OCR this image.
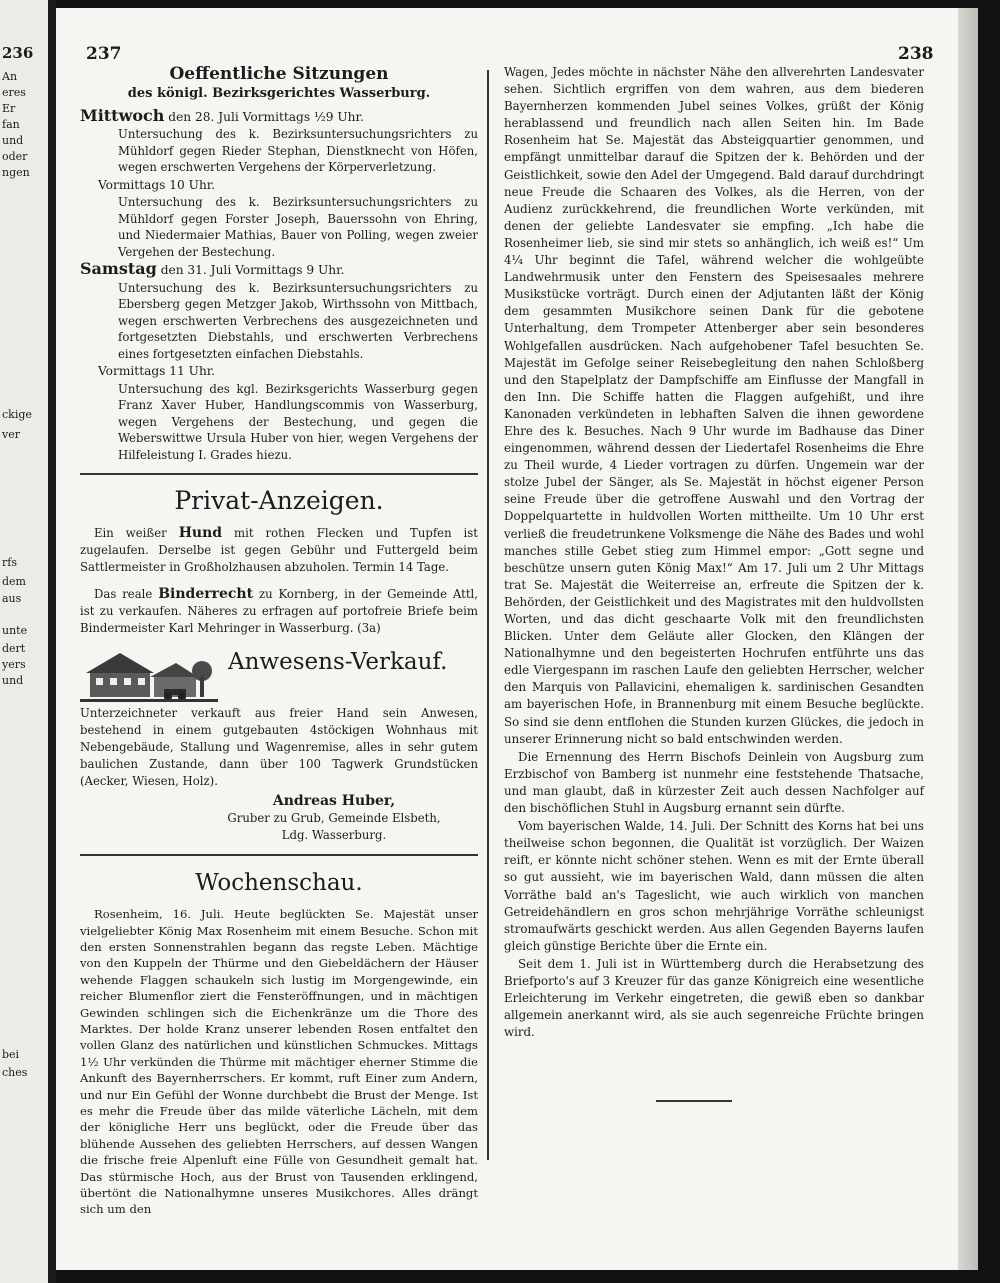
236
An
eres
Er
fan
und
oder
ngen
ckige
ver
rfs
dem
aus
unte
dert
yers
und
bei
ches
237	238
Oeffentliche Sitzungen
des königl. Bezirksgerichtes Wasserburg.

Mittwoch den 28. Juli Vormittags ½9 Uhr.

Untersuchung des k. Bezirksuntersuchungsrichters zu Mühldorf gegen Rieder Stephan, Dienstknecht von Höfen, wegen erschwerten Vergehens der Körperverletzung.

Vormittags 10 Uhr.

Untersuchung des k. Bezirksuntersuchungsrichters zu Mühldorf gegen Forster Joseph, Bauerssohn von Ehring, und Niedermaier Mathias, Bauer von Polling, wegen zweier Vergehen der Bestechung.

Samstag den 31. Juli Vormittags 9 Uhr.

Untersuchung des k. Bezirksuntersuchungsrichters zu Ebersberg gegen Metzger Jakob, Wirthssohn von Mittbach, wegen erschwerten Verbrechens des ausgezeichneten und fortgesetzten Diebstahls, und erschwerten Verbrechens eines fortgesetzten einfachen Diebstahls.

Vormittags 11 Uhr.

Untersuchung des kgl. Bezirksgerichts Wasserburg gegen Franz Xaver Huber, Handlungscommis von Wasserburg, wegen Vergehens der Bestechung, und gegen die Weberswittwe Ursula Huber von hier, wegen Vergehens der Hilfeleistung I. Grades hiezu.

Privat-Anzeigen.

Ein weißer Hund mit rothen Flecken und Tupfen ist zugelaufen. Derselbe ist gegen Gebühr und Futtergeld beim Sattlermeister in Großholzhausen abzuholen. Termin 14 Tage.

Das reale Binderrecht zu Kornberg, in der Gemeinde Attl, ist zu verkaufen. Näheres zu erfragen auf portofreie Briefe beim Bindermeister Karl Mehringer in Wasserburg. (3a)

Anwesens-Verkauf.

Unterzeichneter verkauft aus freier Hand sein Anwesen, bestehend in einem gutgebauten 4stöckigen Wohnhaus mit Nebengebäude, Stallung und Wagenremise, alles in sehr gutem baulichen Zustande, dann über 100 Tagwerk Grundstücken (Aecker, Wiesen, Holz).

Andreas Huber,
Gruber zu Grub, Gemeinde Elsbeth,
Ldg. Wasserburg.
Wochenschau.

Rosenheim, 16. Juli. Heute beglückten Se. Majestät unser vielgeliebter König Max Rosenheim mit einem Besuche. Schon mit den ersten Sonnenstrahlen begann das regste Leben. Mächtige von den Kuppeln der Thürme und den Giebeldächern der Häuser wehende Flaggen schaukeln sich lustig im Morgengewinde, ein reicher Blumenflor ziert die Fensteröffnungen, und in mächtigen Gewinden schlingen sich die Eichenkränze um die Thore des Marktes. Der holde Kranz unserer lebenden Rosen entfaltet den vollen Glanz des natürlichen und künstlichen Schmuckes. Mittags 1½ Uhr verkünden die Thürme mit mächtiger eherner Stimme die Ankunft des Bayernherrschers. Er kommt, ruft Einer zum Andern, und nur Ein Gefühl der Wonne durchbebt die Brust der Menge. Ist es mehr die Freude über das milde väterliche Lächeln, mit dem der königliche Herr uns beglückt, oder die Freude über das blühende Aussehen des geliebten Herrschers, auf dessen Wangen die frische freie Alpenluft eine Fülle von Gesundheit gemalt hat. Das stürmische Hoch, aus der Brust von Tausenden erklingend, übertönt die Nationalhymne unseres Musikchores. Alles drängt sich um den

Wagen, Jedes möchte in nächster Nähe den allverehrten Landesvater sehen. Sichtlich ergriffen von dem wahren, aus dem biederen Bayernherzen kommenden Jubel seines Volkes, grüßt der König herablassend und freundlich nach allen Seiten hin. Im Bade Rosenheim hat Se. Majestät das Absteigquartier genommen, und empfängt unmittelbar darauf die Spitzen der k. Behörden und der Geistlichkeit, sowie den Adel der Umgegend. Bald darauf durchdringt neue Freude die Schaaren des Volkes, als die Herren, von der Audienz zurückkehrend, die freundlichen Worte verkünden, mit denen der geliebte Landesvater sie empfing. „Ich habe die Rosenheimer lieb, sie sind mir stets so anhänglich, ich weiß es!“ Um 4¼ Uhr beginnt die Tafel, während welcher die wohlgeübte Landwehrmusik unter den Fenstern des Speisesaales mehrere Musikstücke vorträgt. Durch einen der Adjutanten läßt der König dem gesammten Musikchore seinen Dank für die gebotene Unterhaltung, dem Trompeter Attenberger aber sein besonderes Wohlgefallen ausdrücken. Nach aufgehobener Tafel besuchten Se. Majestät im Gefolge seiner Reisebegleitung den nahen Schloßberg und den Stapelplatz der Dampfschiffe am Einflusse der Mangfall in den Inn. Die Schiffe hatten die Flaggen aufgehißt, und ihre Kanonaden verkündeten in lebhaften Salven die ihnen gewordene Ehre des k. Besuches. Nach 9 Uhr wurde im Badhause das Diner eingenommen, während dessen der Liedertafel Rosenheims die Ehre zu Theil wurde, 4 Lieder vortragen zu dürfen. Ungemein war der stolze Jubel der Sänger, als Se. Majestät in höchst eigener Person seine Freude über die getroffene Auswahl und den Vortrag der Doppelquartette in huldvollen Worten mittheilte. Um 10 Uhr erst verließ die freudetrunkene Volksmenge die Nähe des Bades und wohl manches stille Gebet stieg zum Himmel empor: „Gott segne und beschütze unsern guten König Max!“ Am 17. Juli um 2 Uhr Mittags trat Se. Majestät die Weiterreise an, erfreute die Spitzen der k. Behörden, der Geistlichkeit und des Magistrates mit den huldvollsten Worten, und das dicht geschaarte Volk mit den freundlichsten Blicken. Unter dem Geläute aller Glocken, den Klängen der Nationalhymne und den begeisterten Hochrufen entführte uns das edle Viergespann im raschen Laufe den geliebten Herrscher, welcher den Marquis von Pallavicini, ehemaligen k. sardinischen Gesandten am bayerischen Hofe, in Brannenburg mit einem Besuche beglückte. So sind sie denn entflohen die Stunden kurzen Glückes, die jedoch in unserer Erinnerung nicht so bald entschwinden werden.

Die Ernennung des Herrn Bischofs Deinlein von Augsburg zum Erzbischof von Bamberg ist nunmehr eine feststehende Thatsache, und man glaubt, daß in kürzester Zeit auch dessen Nachfolger auf den bischöflichen Stuhl in Augsburg ernannt sein dürfte.

Vom bayerischen Walde, 14. Juli. Der Schnitt des Korns hat bei uns theilweise schon begonnen, die Qualität ist vorzüglich. Der Waizen reift, er könnte nicht schöner stehen. Wenn es mit der Ernte überall so gut aussieht, wie im bayerischen Wald, dann müssen die alten Vorräthe bald an's Tageslicht, wie auch wirklich von manchen Getreidehändlern en gros schon mehrjährige Vorräthe schleunigst stromaufwärts geschickt werden. Aus allen Gegenden Bayerns laufen gleich günstige Berichte über die Ernte ein.

Seit dem 1. Juli ist in Württemberg durch die Herabsetzung des Briefporto's auf 3 Kreuzer für das ganze Königreich eine wesentliche Erleichterung im Verkehr eingetreten, die gewiß eben so dankbar allgemein anerkannt wird, als sie auch segenreiche Früchte bringen wird.
